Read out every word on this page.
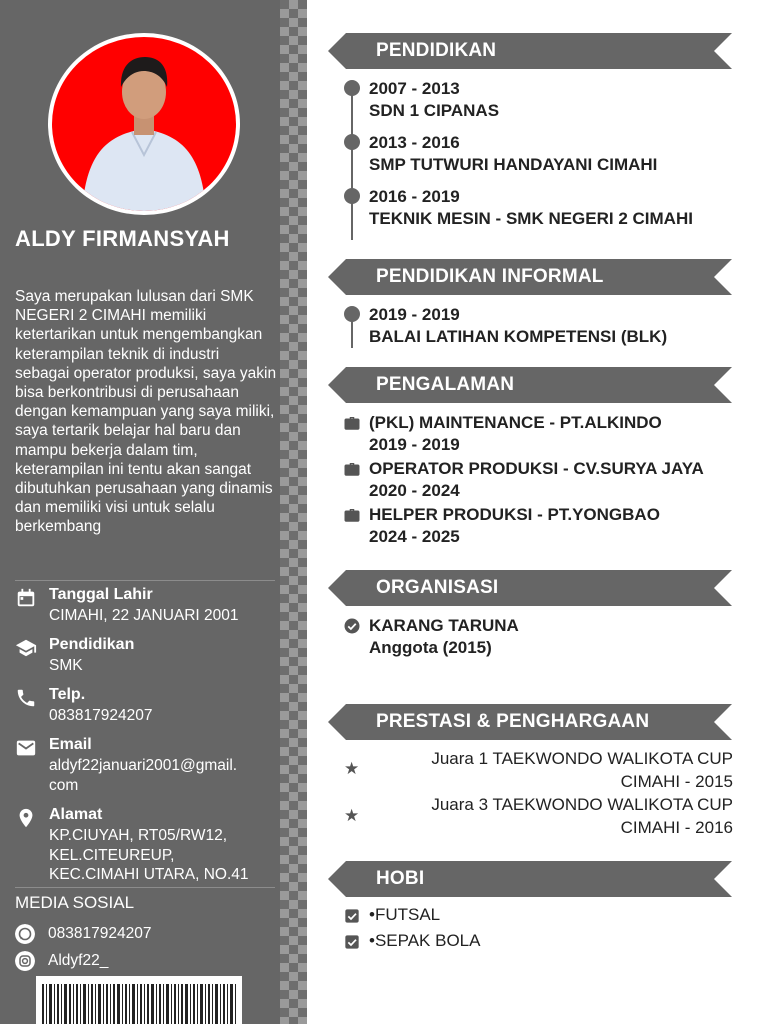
ALDY FIRMANSYAH
Saya merupakan lulusan dari SMK NEGERI 2 CIMAHI memiliki ketertarikan untuk mengembangkan keterampilan teknik di industri sebagai operator produksi, saya yakin bisa berkontribusi di perusahaan dengan kemampuan yang saya miliki, saya tertarik belajar hal baru dan mampu bekerja dalam tim, keterampilan ini tentu akan sangat dibutuhkan perusahaan yang dinamis dan memiliki visi untuk selalu berkembang
Tanggal Lahir
CIMAHI, 22 JANUARI 2001
Pendidikan
SMK
Telp.
083817924207
Email
aldyf22januari2001@gmail.
com
Alamat
KP.CIUYAH, RT05/RW12,
KEL.CITEUREUP,
KEC.CIMAHI UTARA, NO.41
MEDIA SOSIAL
083817924207
Aldyf22_
PENDIDIKAN
2007 - 2013
SDN 1 CIPANAS
2013 - 2016
SMP TUTWURI HANDAYANI CIMAHI
2016 - 2019
TEKNIK MESIN - SMK NEGERI 2 CIMAHI
PENDIDIKAN INFORMAL
2019 - 2019
BALAI LATIHAN KOMPETENSI (BLK)
PENGALAMAN
(PKL) MAINTENANCE - PT.ALKINDO
2019 - 2019
OPERATOR PRODUKSI - CV.SURYA JAYA
2020 - 2024
HELPER PRODUKSI - PT.YONGBAO
2024 - 2025
ORGANISASI
KARANG TARUNA
Anggota (2015)
PRESTASI & PENGHARGAAN
★
Juara 1 TAEKWONDO WALIKOTA CUP
CIMAHI - 2015
★
Juara 3 TAEKWONDO WALIKOTA CUP
CIMAHI - 2016
HOBI
•FUTSAL
•SEPAK BOLA
